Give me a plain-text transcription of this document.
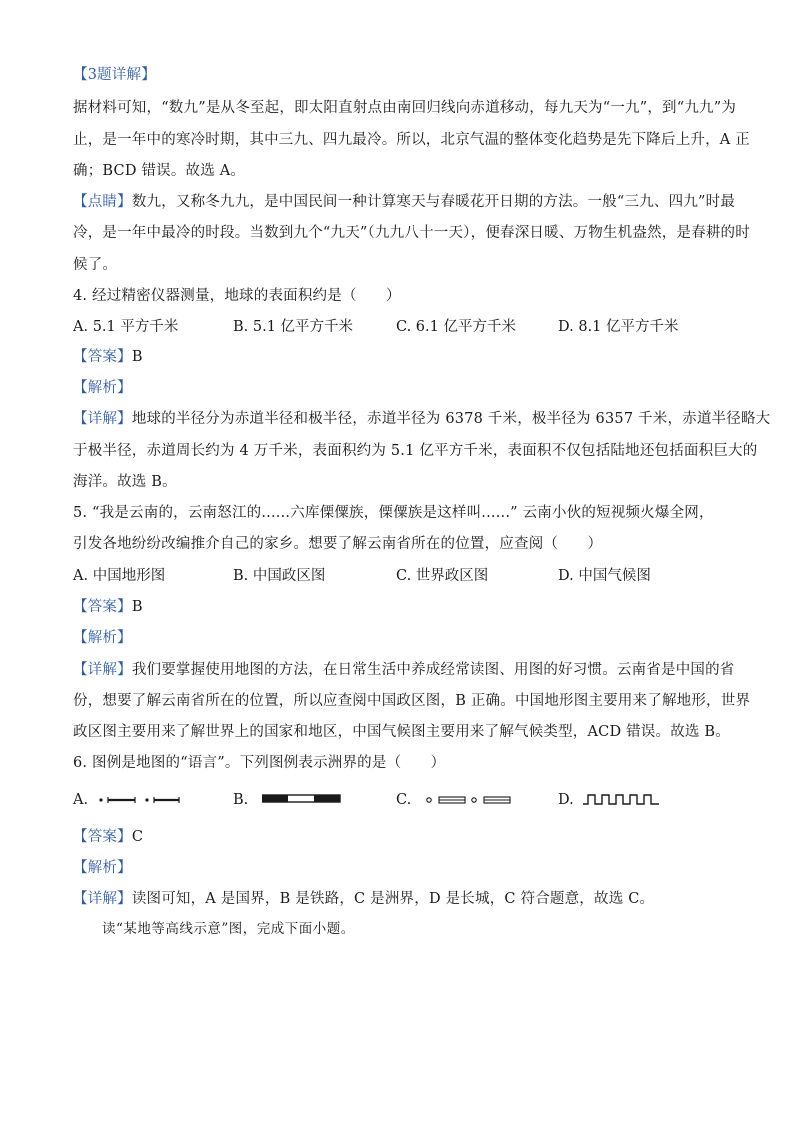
【3题详解】
据材料可知，“数九”是从冬至起，即太阳直射点由南回归线向赤道移动，每九天为“一九”，到“九九”为
止，是一年中的寒冷时期，其中三九、四九最冷。所以，北京气温的整体变化趋势是先下降后上升，A 正
确；BCD 错误。故选 A。
【点睛】数九，又称冬九九，是中国民间一种计算寒天与春暖花开日期的方法。一般“三九、四九”时最
冷，是一年中最冷的时段。当数到九个“九天”（九九八十一天），便春深日暖、万物生机盎然，是春耕的时
候了。
4. 经过精密仪器测量，地球的表面积约是（　　）
A. 5.1 平方千米	B. 5.1 亿平方千米	C. 6.1 亿平方千米	D. 8.1 亿平方千米
【答案】B
【解析】
【详解】地球的半径分为赤道半径和极半径，赤道半径为 6378 千米，极半径为 6357 千米，赤道半径略大
于极半径，赤道周长约为 4 万千米，表面积约为 5.1 亿平方千米，表面积不仅包括陆地还包括面积巨大的
海洋。故选 B。
5. “我是云南的，云南怒江的......六库傈僳族，傈僳族是这样叫......” 云南小伙的短视频火爆全网，
引发各地纷纷改编推介自己的家乡。想要了解云南省所在的位置，应查阅（　　）
A. 中国地形图	B. 中国政区图	C. 世界政区图	D. 中国气候图
【答案】B
【解析】
【详解】我们要掌握使用地图的方法，在日常生活中养成经常读图、用图的好习惯。云南省是中国的省
份，想要了解云南省所在的位置，所以应查阅中国政区图，B 正确。中国地形图主要用来了解地形，世界
政区图主要用来了解世界上的国家和地区，中国气候图主要用来了解气候类型，ACD 错误。故选 B。
6. 图例是地图的“语言”。下列图例表示洲界的是（　　）
A.	B.	C.	D.
【答案】C
【解析】
【详解】读图可知，A 是国界，B 是铁路，C 是洲界，D 是长城，C 符合题意，故选 C。
读“某地等高线示意”图，完成下面小题。
